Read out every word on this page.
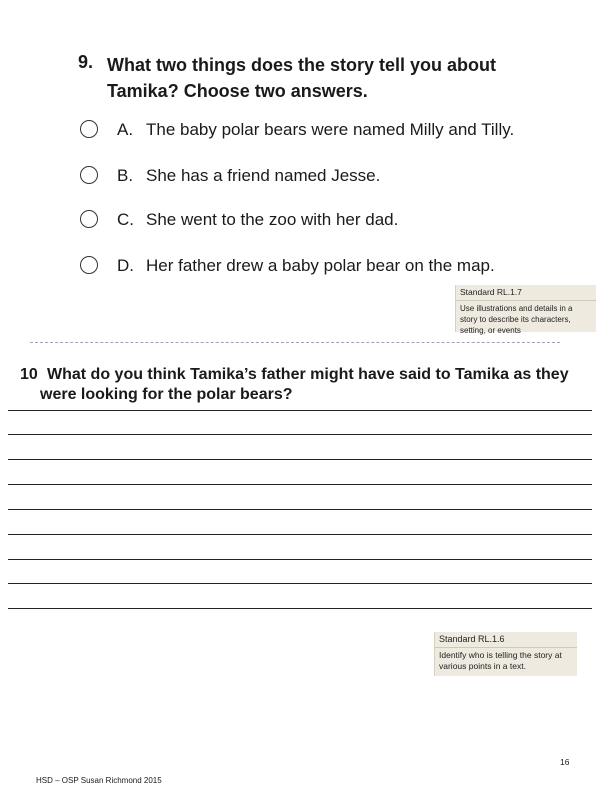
9. What two things does the story tell you about Tamika? Choose two answers.
A. The baby polar bears were named Milly and Tilly.
B. She has a friend named Jesse.
C. She went to the zoo with her dad.
D. Her father drew a baby polar bear on the map.
Standard RL.1.7
Use illustrations and details in a story to describe its characters, setting, or events
10 What do you think Tamika’s father might have said to Tamika as they
were looking for the polar bears?
Standard RL.1.6
Identify who is telling the story at various points in a text.
16
HSD – OSP Susan Richmond 2015
